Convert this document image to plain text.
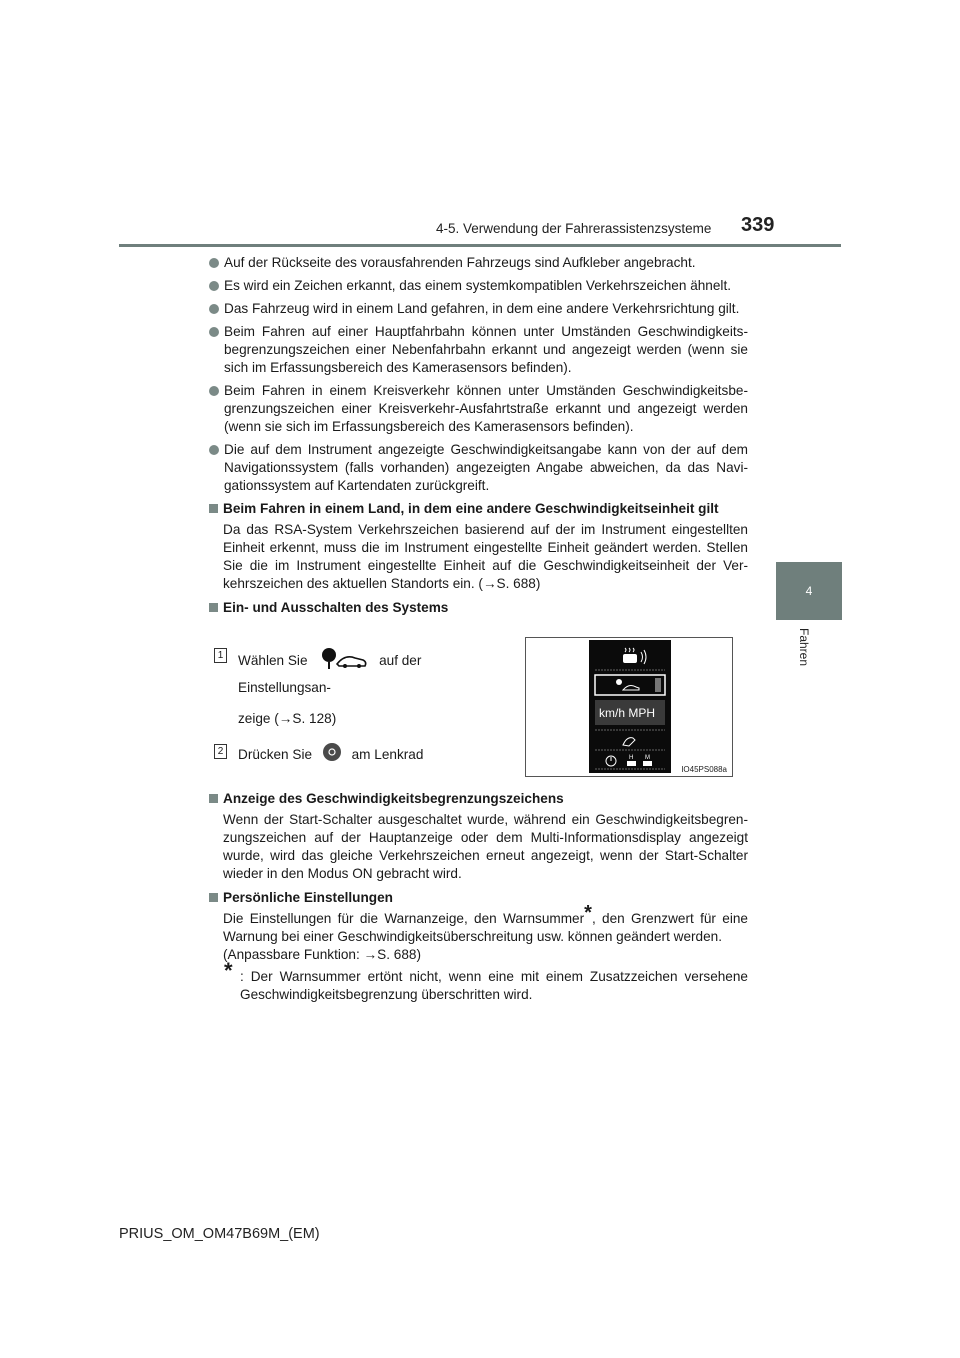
4-5. Verwendung der Fahrerassistenzsysteme 339
4
Fahren
Auf der Rückseite des vorausfahrenden Fahrzeugs sind Aufkleber angebracht.
Es wird ein Zeichen erkannt, das einem systemkompatiblen Verkehrszeichen ähnelt.
Das Fahrzeug wird in einem Land gefahren, in dem eine andere Verkehrsrichtung gilt.
Beim Fahren auf einer Hauptfahrbahn können unter Umständen Geschwindigkeits-begrenzungszeichen einer Nebenfahrbahn erkannt und angezeigt werden (wenn sie sich im Erfassungsbereich des Kamerasensors befinden).
Beim Fahren in einem Kreisverkehr können unter Umständen Geschwindigkeitsbe-grenzungszeichen einer Kreisverkehr-Ausfahrtstraße erkannt und angezeigt werden (wenn sie sich im Erfassungsbereich des Kamerasensors befinden).
Die auf dem Instrument angezeigte Geschwindigkeitsangabe kann von der auf dem Navigationssystem (falls vorhanden) angezeigten Angabe abweichen, da das Navi-gationssystem auf Kartendaten zurückgreift.
Beim Fahren in einem Land, in dem eine andere Geschwindigkeitseinheit gilt
Da das RSA-System Verkehrszeichen basierend auf der im Instrument eingestellten Einheit erkennt, muss die im Instrument eingestellte Einheit geändert werden. Stellen Sie die im Instrument eingestellte Einheit auf die Geschwindigkeitseinheit der Ver-kehrszeichen des aktuellen Standorts ein. (→S. 688)
Ein- und Ausschalten des Systems
1 Wählen Sie	auf der Einstellungsan-
zeige (→S. 128)
2 Drücken Sie	am Lenkrad
km/h MPH
H M
IO45PS088a
Anzeige des Geschwindigkeitsbegrenzungszeichens
Wenn der Start-Schalter ausgeschaltet wurde, während ein Geschwindigkeitsbegren-zungszeichen auf der Hauptanzeige oder dem Multi-Informationsdisplay angezeigt wurde, wird das gleiche Verkehrszeichen erneut angezeigt, wenn der Start-Schalter wieder in den Modus ON gebracht wird.
Persönliche Einstellungen
Die Einstellungen für die Warnanzeige, den Warnsummer*, den Grenzwert für eine Warnung bei einer Geschwindigkeitsüberschreitung usw. können geändert werden.
(Anpassbare Funktion: →S. 688)
* : Der Warnsummer ertönt nicht, wenn eine mit einem Zusatzzeichen versehene Geschwindigkeitsbegrenzung überschritten wird.
PRIUS_OM_OM47B69M_(EM)
